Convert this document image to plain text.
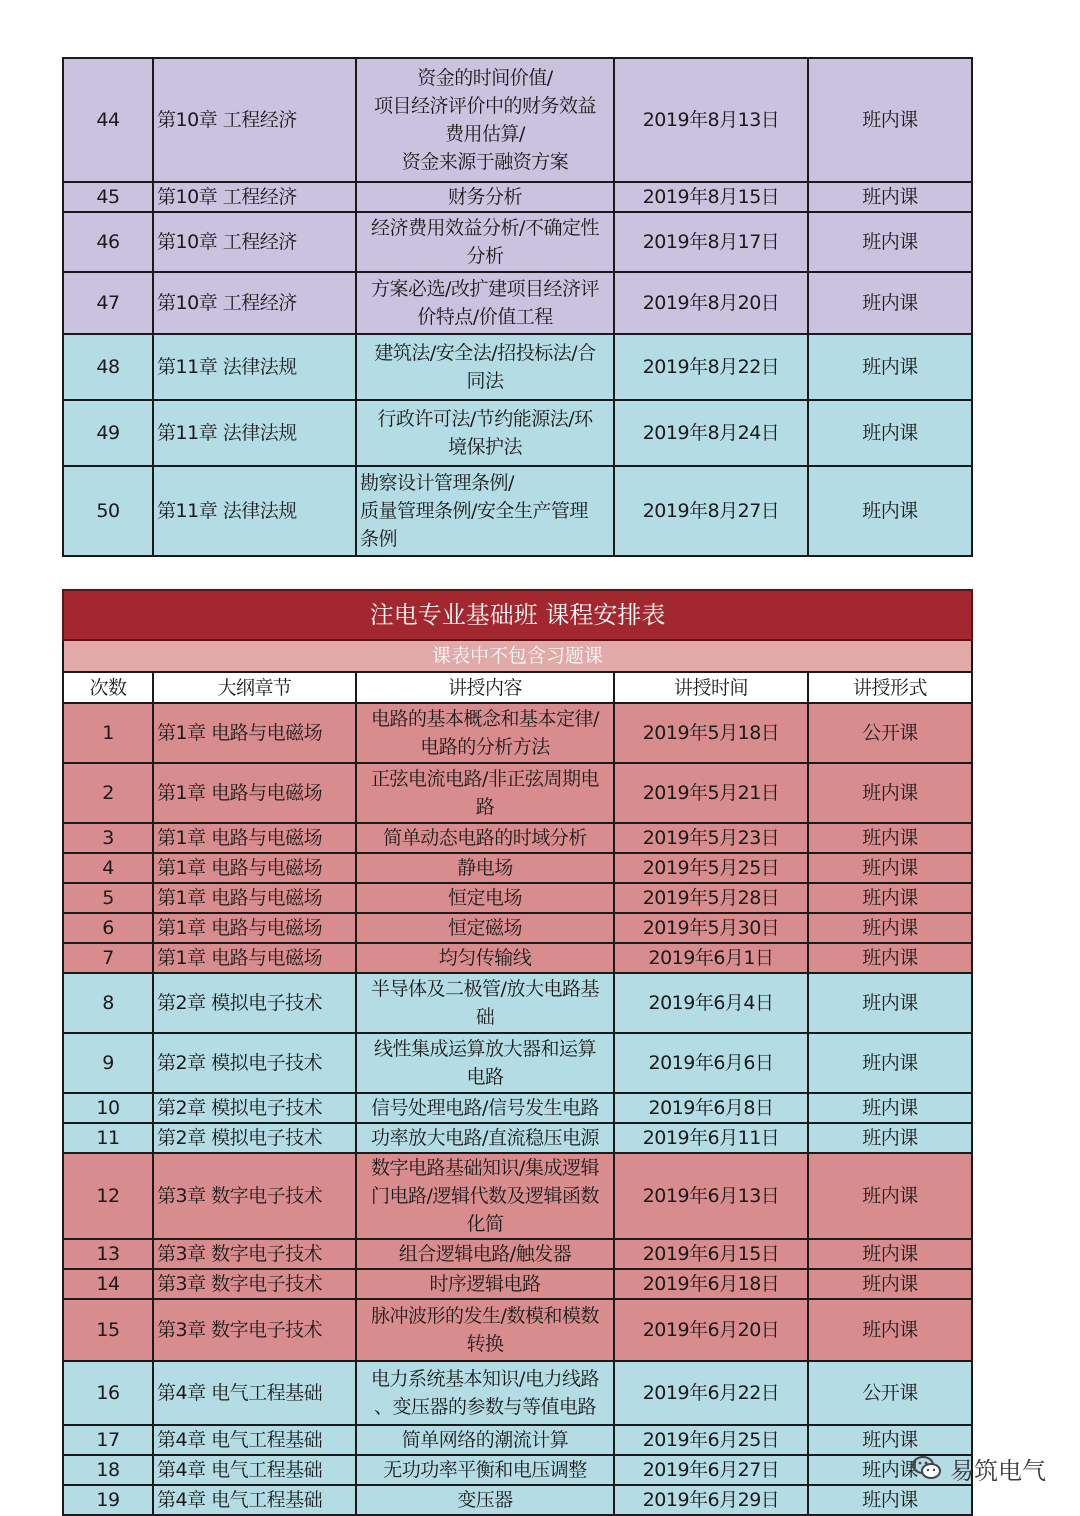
44	第10章 工程经济	资金的时间价值/
项目经济评价中的财务效益
费用估算/
资金来源于融资方案	2019年8月13日	班内课
45	第10章 工程经济	财务分析	2019年8月15日	班内课
46	第10章 工程经济	经济费用效益分析/不确定性
分析	2019年8月17日	班内课
47	第10章 工程经济	方案必选/改扩建项目经济评
价特点/价值工程	2019年8月20日	班内课
48	第11章 法律法规	建筑法/安全法/招投标法/合
同法	2019年8月22日	班内课
49	第11章 法律法规	行政许可法/节约能源法/环
境保护法	2019年8月24日	班内课
50	第11章 法律法规	勘察设计管理条例/
质量管理条例/安全生产管理
条例	2019年8月27日	班内课
注电专业基础班 课程安排表				
课表中不包含习题课				
次数	大纲章节	讲授内容	讲授时间	讲授形式
1	第1章 电路与电磁场	电路的基本概念和基本定律/
电路的分析方法	2019年5月18日	公开课
2	第1章 电路与电磁场	正弦电流电路/非正弦周期电
路	2019年5月21日	班内课
3	第1章 电路与电磁场	简单动态电路的时域分析	2019年5月23日	班内课
4	第1章 电路与电磁场	静电场	2019年5月25日	班内课
5	第1章 电路与电磁场	恒定电场	2019年5月28日	班内课
6	第1章 电路与电磁场	恒定磁场	2019年5月30日	班内课
7	第1章 电路与电磁场	均匀传输线	2019年6月1日	班内课
8	第2章 模拟电子技术	半导体及二极管/放大电路基
础	2019年6月4日	班内课
9	第2章 模拟电子技术	线性集成运算放大器和运算
电路	2019年6月6日	班内课
10	第2章 模拟电子技术	信号处理电路/信号发生电路	2019年6月8日	班内课
11	第2章 模拟电子技术	功率放大电路/直流稳压电源	2019年6月11日	班内课
12	第3章 数字电子技术	数字电路基础知识/集成逻辑
门电路/逻辑代数及逻辑函数
化简	2019年6月13日	班内课
13	第3章 数字电子技术	组合逻辑电路/触发器	2019年6月15日	班内课
14	第3章 数字电子技术	时序逻辑电路	2019年6月18日	班内课
15	第3章 数字电子技术	脉冲波形的发生/数模和模数
转换	2019年6月20日	班内课
16	第4章 电气工程基础	电力系统基本知识/电力线路
、变压器的参数与等值电路	2019年6月22日	公开课
17	第4章 电气工程基础	简单网络的潮流计算	2019年6月25日	班内课
18	第4章 电气工程基础	无功功率平衡和电压调整	2019年6月27日	班内课
19	第4章 电气工程基础	变压器	2019年6月29日	班内课
易筑电气
